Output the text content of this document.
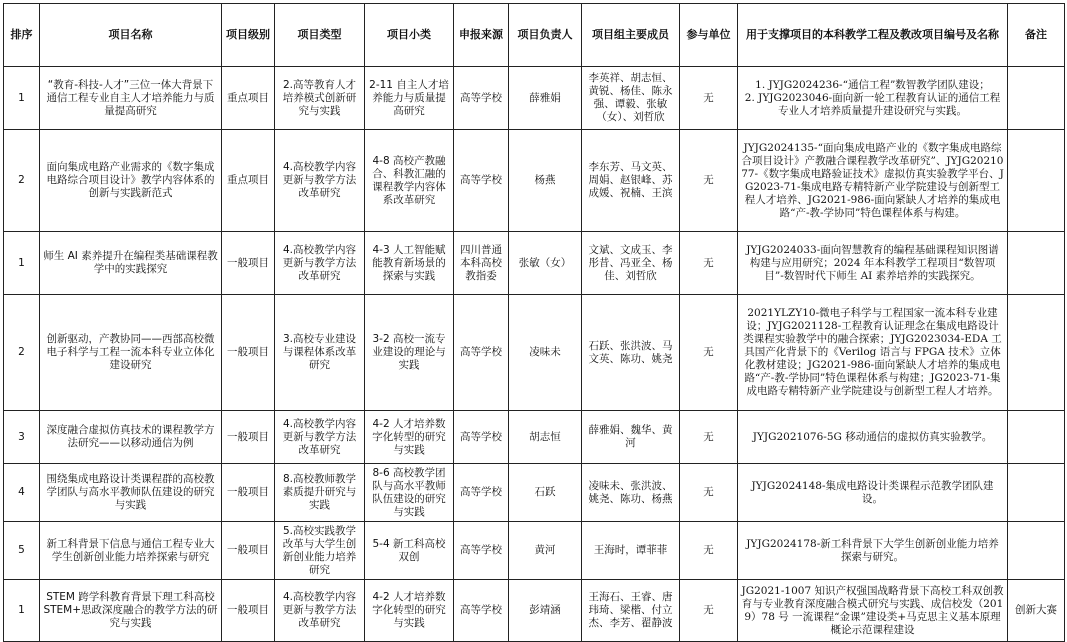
排序	项目名称	项目级别	项目类型	项目小类	申报来源	项目负责人	项目组主要成员	参与单位	用于支撑项目的本科教学工程及教改项目编号及名称	备注
1	“教育-科技-人才”三位一体大背景下通信工程专业自主人才培养能力与质量提高研究	重点项目	2.高等教育人才培养模式创新研究与实践	2-11 自主人才培养能力与质量提高研究	高等学校	薛雅娟	李英祥、胡志恒、黄锐、杨佳、陈永强、谭毅、张敏（女）、刘哲欣	无	1. JYJG2024236-“通信工程”数智教学团队建设；
2. JYJG2023046-面向新一轮工程教育认证的通信工程专业人才培养质量提升建设研究与实践。	
2	面向集成电路产业需求的《数字集成电路综合项目设计》教学内容体系的创新与实践新范式	重点项目	4.高校教学内容更新与教学方法改革研究	4-8 高校产教融合、科教汇融的课程教学内容体系改革研究	高等学校	杨燕	李东芳、马文英、周娟、赵银峰、苏成媛、祝楠、王滨	无	JYJG2024135-“面向集成电路产业的《数字集成电路综合项目设计》产教融合课程教学改革研究”、JYJG2021077-《数字集成电路验证技术》虚拟仿真实验教学平台、JG2023-71-集成电路专精特新产业学院建设与创新型工程人才培养、JG2021-986-面向紧缺人才培养的集成电路“产-教-学协同”特色课程体系与构建。	
1	师生 AI 素养提升在编程类基础课程教学中的实践探究	一般项目	4.高校教学内容更新与教学方法改革研究	4-3 人工智能赋能教育新场景的探索与实践	四川普通本科高校教指委	张敏（女）	文斌、文成玉、李彤昔、冯亚全、杨佳、刘哲欣	无	JYJG2024033-面向智慧教育的编程基础课程知识图谱构建与应用研究；2024 年本科教学工程项目“数智项目”-数智时代下师生 AI 素养培养的实践探究。	
2	创新驱动，产教协同——西部高校微电子科学与工程一流本科专业立体化建设研究	一般项目	3.高校专业建设与课程体系改革研究	3-2 高校一流专业建设的理论与实践	高等学校	凌味未	石跃、张洪波、马文英、陈功、姚尧	无	2021YLZY10-微电子科学与工程国家一流本科专业建设；JYJG2021128-工程教育认证理念在集成电路设计类课程实验教学中的融合探索；JYJG2023034-EDA 工具国产化背景下的《Verilog 语言与 FPGA 技术》立体化教材建设；JG2021-986-面向紧缺人才培养的集成电路“产-教-学协同”特色课程体系与构建；JG2023-71-集成电路专精特新产业学院建设与创新型工程人才培养。	
3	深度融合虚拟仿真技术的课程教学方法研究——以移动通信为例	一般项目	4.高校教学内容更新与教学方法改革研究	4-2 人才培养数字化转型的研究与实践	高等学校	胡志恒	薛雅娟、魏华、黄河	无	JYJG2021076-5G 移动通信的虚拟仿真实验教学。	
4	围绕集成电路设计类课程群的高校教学团队与高水平教师队伍建设的研究与实践	一般项目	8.高校教师教学素质提升研究与实践	8-6 高校教学团队与高水平教师队伍建设的研究与实践	高等学校	石跃	凌味未、张洪波、姚尧、陈功、杨燕	无	JYJG2024148-集成电路设计类课程示范教学团队建设。	
5	新工科背景下信息与通信工程专业大学生创新创业能力培养探索与研究	一般项目	5.高校实践教学改革与大学生创新创业能力培养研究	5-4 新工科高校双创	高等学校	黄河	王海时，谭菲菲	无	JYJG2024178-新工科背景下大学生创新创业能力培养探索与研究。	
1	STEM 跨学科教育背景下理工科高校 STEM+思政深度融合的教学方法的研究与实践	一般项目	4.高校教学内容更新与教学方法改革研究	4-2 人才培养数字化转型的研究与实践	高等学校	彭靖涵	王海石、王睿、唐玮琦、梁楷、付立杰、李芳、翟静波	无	JG2021-1007 知识产权强国战略背景下高校工科双创教育与专业教育深度融合模式研究与实践、成信校发（2019）78 号 一流课程“金课”建设类+马克思主义基本原理概论示范课程建设	创新大赛
